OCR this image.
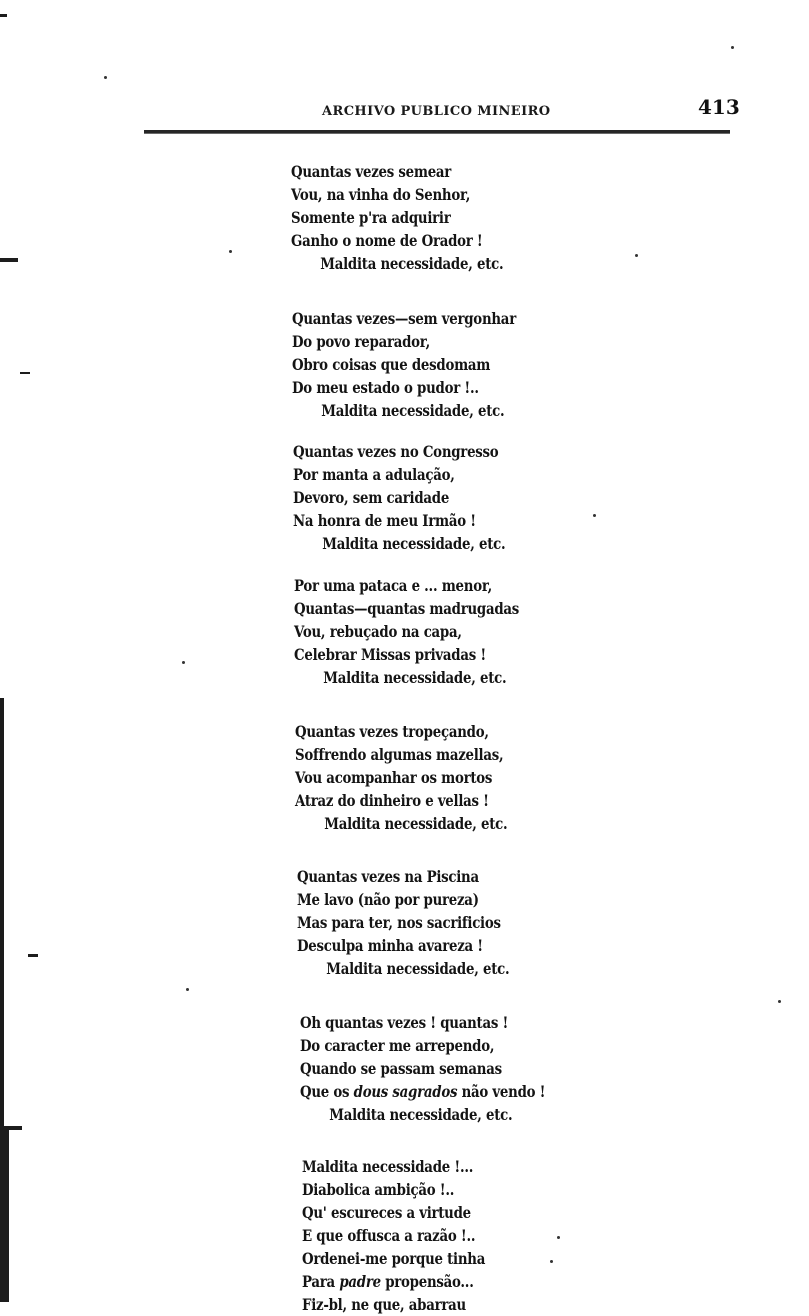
ARCHIVO PUBLICO MINEIRO	413
Quantas vezes semear
Vou, na vinha do Senhor,
Somente p'ra adquirir
Ganho o nome de Orador !
Maldita necessidade, etc.
Quantas vezes—sem vergonhar
Do povo reparador,
Obro coisas que desdomam
Do meu estado o pudor !..
Maldita necessidade, etc.
Quantas vezes no Congresso
Por manta a adulação,
Devoro, sem caridade
Na honra de meu Irmão !
Maldita necessidade, etc.
Por uma pataca e ... menor,
Quantas—quantas madrugadas
Vou, rebuçado na capa,
Celebrar Missas privadas !
Maldita necessidade, etc.
Quantas vezes tropeçando,
Soffrendo algumas mazellas,
Vou acompanhar os mortos
Atraz do dinheiro e vellas !
Maldita necessidade, etc.
Quantas vezes na Piscina
Me lavo (não por pureza)
Mas para ter, nos sacrificios
Desculpa minha avareza !
Maldita necessidade, etc.
Oh quantas vezes ! quantas !
Do caracter me arrependo,
Quando se passam semanas
Que os dous sagrados não vendo !
Maldita necessidade, etc.
Maldita necessidade !...
Diabolica ambição !..
Qu' escureces a virtude
E que offusca a razão !..
Ordenei-me porque tinha
Para padre propensão...
Fiz-bl, ne que, abarrau
